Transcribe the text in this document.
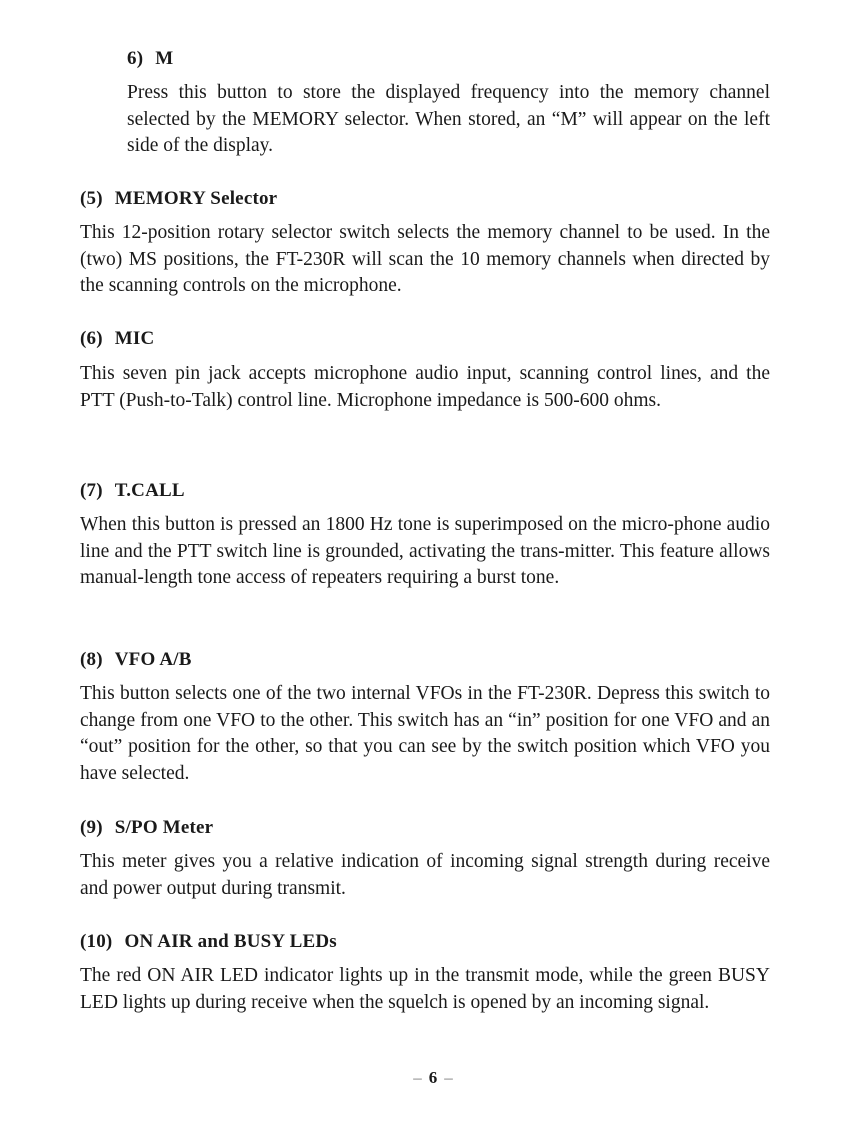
6) M
Press this button to store the displayed frequency into the memory channel selected by the MEMORY selector. When stored, an “M” will appear on the left side of the display.
(5) MEMORY Selector
This 12-position rotary selector switch selects the memory channel to be used. In the (two) MS positions, the FT-230R will scan the 10 memory channels when directed by the scanning controls on the microphone.
(6) MIC
This seven pin jack accepts microphone audio input, scanning control lines, and the PTT (Push-to-Talk) control line. Microphone impedance is 500-600 ohms.
(7) T.CALL
When this button is pressed an 1800 Hz tone is superimposed on the micro-phone audio line and the PTT switch line is grounded, activating the trans-mitter. This feature allows manual-length tone access of repeaters requiring a burst tone.
(8) VFO A/B
This button selects one of the two internal VFOs in the FT-230R. Depress this switch to change from one VFO to the other. This switch has an “in” position for one VFO and an “out” position for the other, so that you can see by the switch position which VFO you have selected.
(9) S/PO Meter
This meter gives you a relative indication of incoming signal strength during receive and power output during transmit.
(10) ON AIR and BUSY LEDs
The red ON AIR LED indicator lights up in the transmit mode, while the green BUSY LED lights up during receive when the squelch is opened by an incoming signal.
– 6 –
